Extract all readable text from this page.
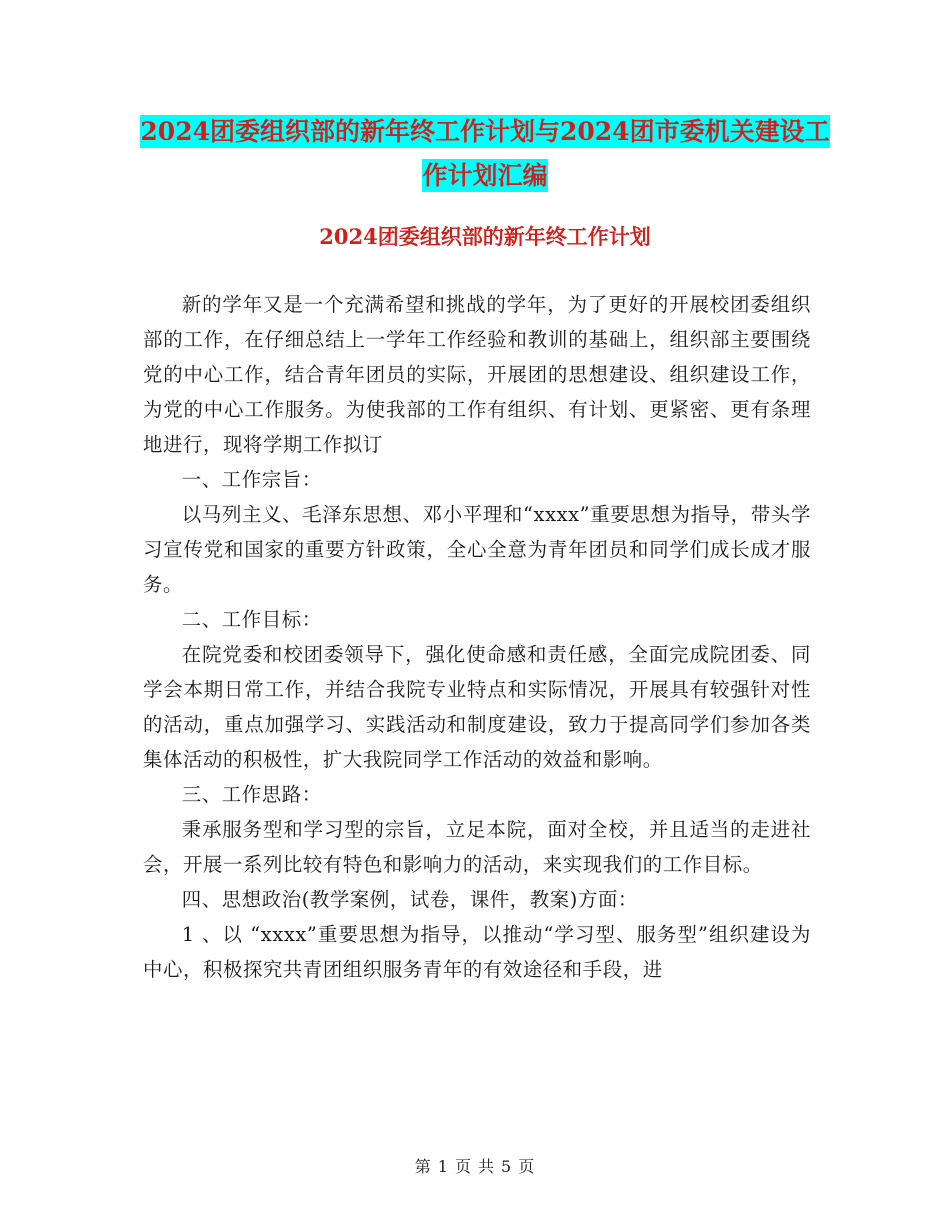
2024团委组织部的新年终工作计划与2024团市委机关建设工作计划汇编
2024团委组织部的新年终工作计划

新的学年又是一个充满希望和挑战的学年，为了更好的开展校团委组织部的工作，在仔细总结上一学年工作经验和教训的基础上，组织部主要围绕党的中心工作，结合青年团员的实际，开展团的思想建设、组织建设工作，为党的中心工作服务。为使我部的工作有组织、有计划、更紧密、更有条理地进行，现将学期工作拟订

一、工作宗旨：

以马列主义、毛泽东思想、邓小平理和“xxxx”重要思想为指导，带头学习宣传党和国家的重要方针政策，全心全意为青年团员和同学们成长成才服务。

二、工作目标：

在院党委和校团委领导下，强化使命感和责任感，全面完成院团委、同学会本期日常工作，并结合我院专业特点和实际情况，开展具有较强针对性的活动，重点加强学习、实践活动和制度建设，致力于提高同学们参加各类集体活动的积极性，扩大我院同学工作活动的效益和影响。

三、工作思路：

秉承服务型和学习型的宗旨，立足本院，面对全校，并且适当的走进社会，开展一系列比较有特色和影响力的活动，来实现我们的工作目标。

四、思想政治(教学案例，试卷，课件，教案)方面：

1 、以 “xxxx”重要思想为指导，以推动“学习型、服务型”组织建设为中心，积极探究共青团组织服务青年的有效途径和手段，进

第 1 页 共 5 页
